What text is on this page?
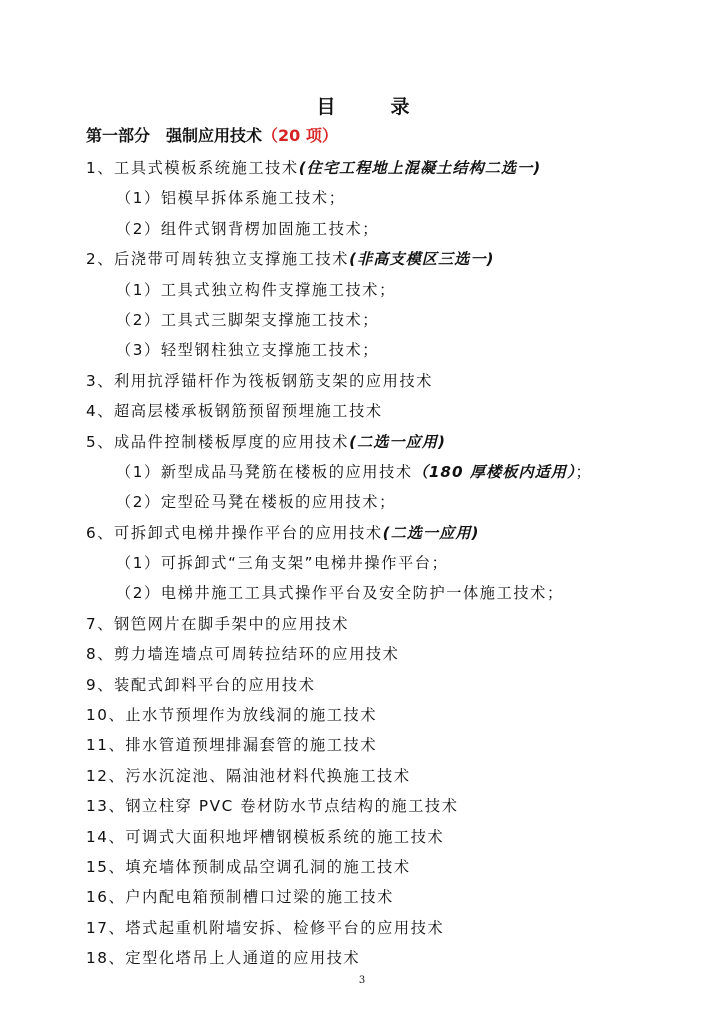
目　录
第一部分　强制应用技术（20 项）
1、工具式模板系统施工技术(住宅工程地上混凝土结构二选一)
（1）铝模早拆体系施工技术；
（2）组件式钢背楞加固施工技术；
2、后浇带可周转独立支撑施工技术(非高支模区三选一)
（1）工具式独立构件支撑施工技术；
（2）工具式三脚架支撑施工技术；
（3）轻型钢柱独立支撑施工技术；
3、利用抗浮锚杆作为筏板钢筋支架的应用技术
4、超高层楼承板钢筋预留预埋施工技术
5、成品件控制楼板厚度的应用技术(二选一应用)
（1）新型成品马凳筋在楼板的应用技术（180 厚楼板内适用）；
（2）定型砼马凳在楼板的应用技术；
6、可拆卸式电梯井操作平台的应用技术(二选一应用)
（1）可拆卸式“三角支架”电梯井操作平台；
（2）电梯井施工工具式操作平台及安全防护一体施工技术；
7、钢笆网片在脚手架中的应用技术
8、剪力墙连墙点可周转拉结环的应用技术
9、装配式卸料平台的应用技术
10、止水节预埋作为放线洞的施工技术
11、排水管道预埋排漏套管的施工技术
12、污水沉淀池、隔油池材料代换施工技术
13、钢立柱穿 PVC 卷材防水节点结构的施工技术
14、可调式大面积地坪槽钢模板系统的施工技术
15、填充墙体预制成品空调孔洞的施工技术
16、户内配电箱预制槽口过梁的施工技术
17、塔式起重机附墙安拆、检修平台的应用技术
18、定型化塔吊上人通道的应用技术
3
